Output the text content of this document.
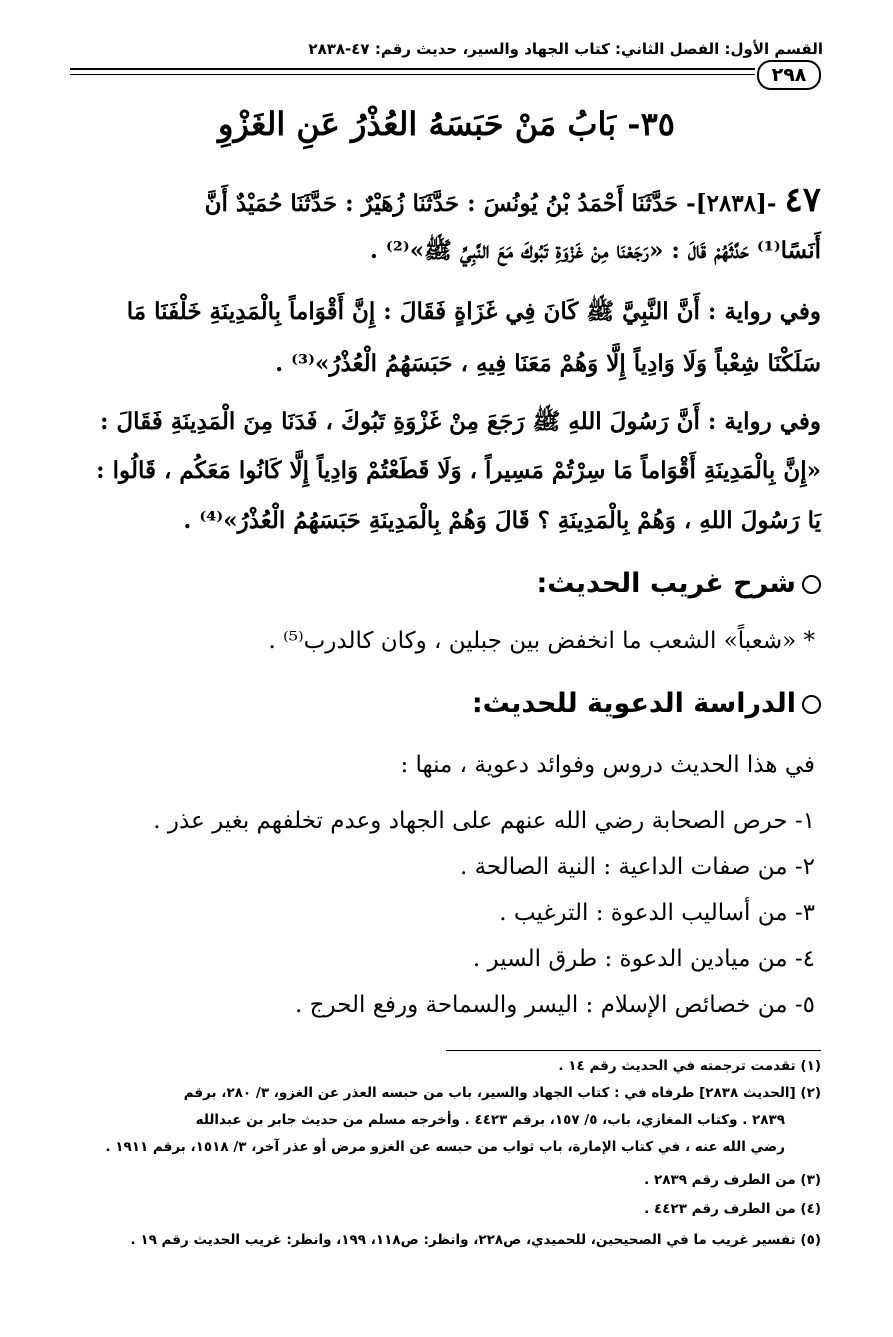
القسم الأول: الفصل الثاني: كتاب الجهاد والسير، حديث رقم: ٤٧-٢٨٣٨
٢٩٨
٣٥- بَابُ مَنْ حَبَسَهُ العُذْرُ عَنِ الغَزْوِ
٤٧ -[٢٨٣٨]- حَدَّثَنَا أَحْمَدُ بْنُ يُونُسَ : حَدَّثَنَا زُهَيْرٌ : حَدَّثَنَا حُمَيْدٌ أَنَّ
أَنَسًا⁽¹⁾ حَدَّثَهُمْ قَالَ : «رَجَعْنَا مِنْ غَزْوَةِ تَبُوكَ مَعَ النَّبِيِّ ﷺ»⁽²⁾ .
وفي رواية : أَنَّ النَّبِيَّ ﷺ كَانَ فِي غَزَاةٍ فَقَالَ : إِنَّ أَقْوَاماً بِالْمَدِينَةِ خَلْفَنَا مَا
سَلَكْنَا شِعْباً وَلَا وَادِياً إِلَّا وَهُمْ مَعَنَا فِيهِ ، حَبَسَهُمُ الْعُذْرُ»⁽³⁾ .
وفي رواية : أَنَّ رَسُولَ اللهِ ﷺ رَجَعَ مِنْ غَزْوَةِ تَبُوكَ ، فَدَنَا مِنَ الْمَدِينَةِ فَقَالَ :
«إِنَّ بِالْمَدِينَةِ أَقْوَاماً مَا سِرْتُمْ مَسِيراً ، وَلَا قَطَعْتُمْ وَادِياً إِلَّا كَانُوا مَعَكُم ، قَالُوا :
يَا رَسُولَ اللهِ ، وَهُمْ بِالْمَدِينَةِ ؟ قَالَ وَهُمْ بِالْمَدِينَةِ حَبَسَهُمُ الْعُذْرُ»⁽⁴⁾ .
شرح غريب الحديث:
* «شعباً» الشعب ما انخفض بين جبلين ، وكان كالدرب⁽⁵⁾ .
الدراسة الدعوية للحديث:
في هذا الحديث دروس وفوائد دعوية ، منها :
١- حرص الصحابة رضي الله عنهم على الجهاد وعدم تخلفهم بغير عذر .
٢- من صفات الداعية : النية الصالحة .
٣- من أساليب الدعوة : الترغيب .
٤- من ميادين الدعوة : طرق السير .
٥- من خصائص الإسلام : اليسر والسماحة ورفع الحرج .
(١) تقدمت ترجمته في الحديث رقم ١٤ .
(٢) [الحديث ٢٨٣٨] طرفاه في : كتاب الجهاد والسير، باب من حبسه العذر عن الغزو، ٣/ ٢٨٠، برقم
٢٨٣٩ . وكتاب المغازي، باب، ٥/ ١٥٧، برقم ٤٤٢٣ . وأخرجه مسلم من حديث جابر بن عبدالله
رضي الله عنه ، في كتاب الإمارة، باب ثواب من حبسه عن الغزو مرض أو عذر آخر، ٣/ ١٥١٨، برقم ١٩١١ .
(٣) من الطرف رقم ٢٨٣٩ .
(٤) من الطرف رقم ٤٤٢٣ .
(٥) تفسير غريب ما في الصحيحين، للحميدي، ص٢٢٨، وانظر: ص١١٨، ١٩٩، وانظر: غريب الحديث رقم ١٩ .
